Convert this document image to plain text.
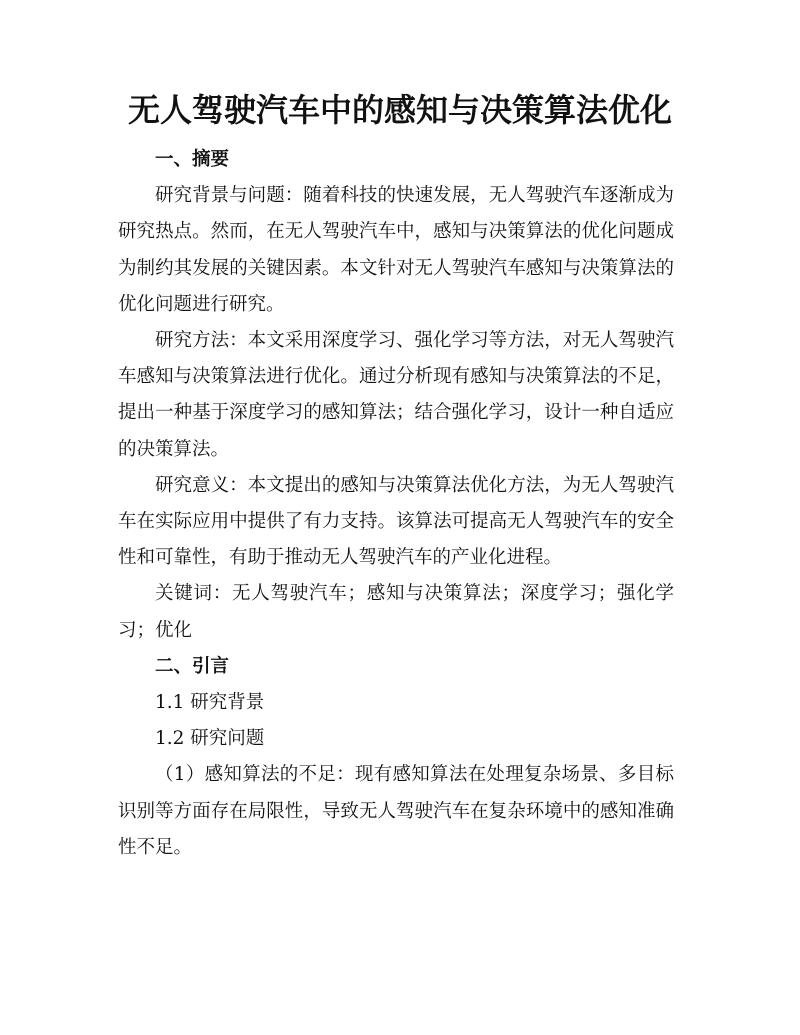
无人驾驶汽车中的感知与决策算法优化
一、摘要

研究背景与问题：随着科技的快速发展，无人驾驶汽车逐渐成为研究热点。然而，在无人驾驶汽车中，感知与决策算法的优化问题成为制约其发展的关键因素。本文针对无人驾驶汽车感知与决策算法的优化问题进行研究。

研究方法：本文采用深度学习、强化学习等方法，对无人驾驶汽车感知与决策算法进行优化。通过分析现有感知与决策算法的不足，提出一种基于深度学习的感知算法；结合强化学习，设计一种自适应的决策算法。

研究意义：本文提出的感知与决策算法优化方法，为无人驾驶汽车在实际应用中提供了有力支持。该算法可提高无人驾驶汽车的安全性和可靠性，有助于推动无人驾驶汽车的产业化进程。

关键词：无人驾驶汽车；感知与决策算法；深度学习；强化学习；优化

二、引言

1.1 研究背景

1.2 研究问题

（1）感知算法的不足：现有感知算法在处理复杂场景、多目标识别等方面存在局限性，导致无人驾驶汽车在复杂环境中的感知准确性不足。
